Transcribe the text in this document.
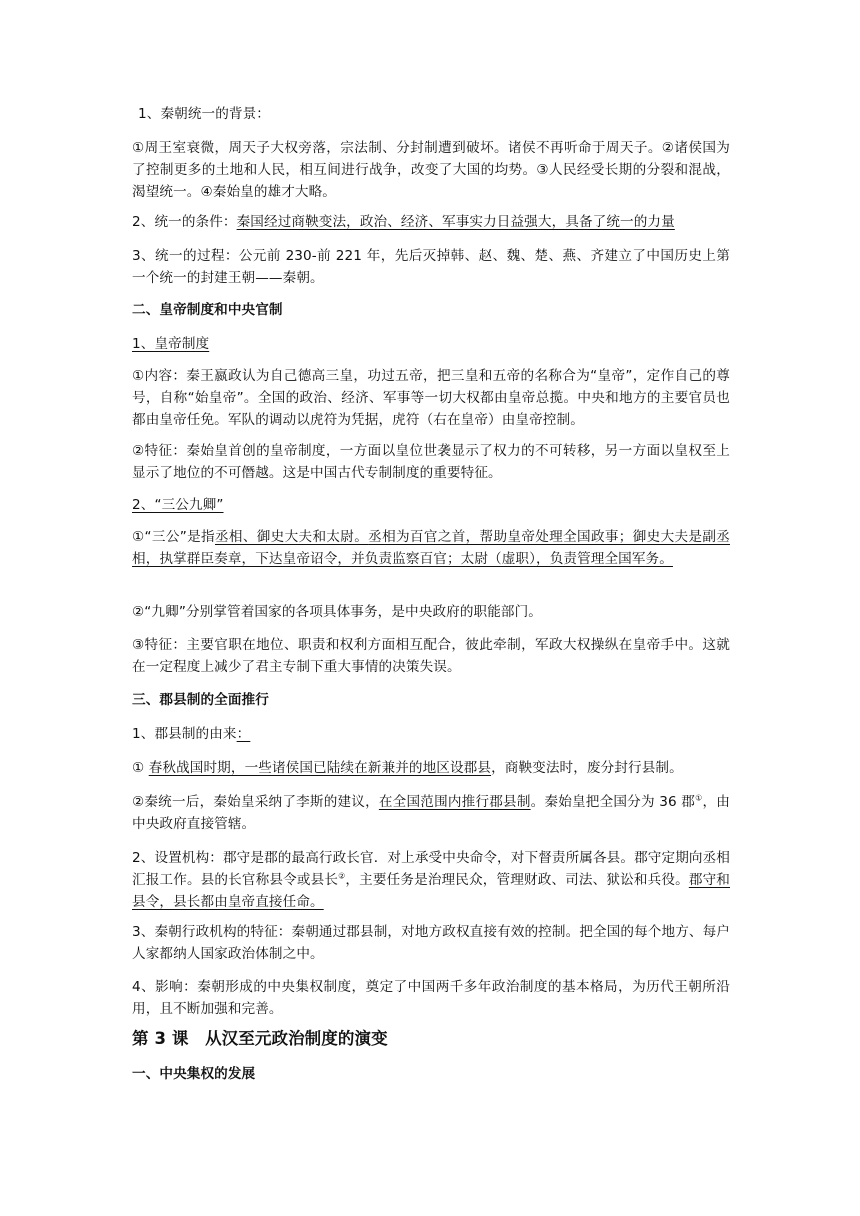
1、秦朝统一的背景：

①周王室衰微，周天子大权旁落，宗法制、分封制遭到破坏。诸侯不再听命于周天子。②诸侯国为了控制更多的土地和人民，相互间进行战争，改变了大国的均势。③人民经受长期的分裂和混战，渴望统一。④秦始皇的雄才大略。

2、统一的条件：秦国经过商鞅变法，政治、经济、军事实力日益强大，具备了统一的力量

3、统一的过程：公元前 230-前 221 年，先后灭掉韩、赵、魏、楚、燕、齐建立了中国历史上第一个统一的封建王朝——秦朝。

二、皇帝制度和中央官制

1、皇帝制度

①内容：秦王嬴政认为自己德高三皇，功过五帝，把三皇和五帝的名称合为“皇帝”，定作自己的尊号，自称“始皇帝”。全国的政治、经济、军事等一切大权都由皇帝总揽。中央和地方的主要官员也都由皇帝任免。军队的调动以虎符为凭据，虎符（右在皇帝）由皇帝控制。

②特征：秦始皇首创的皇帝制度，一方面以皇位世袭显示了权力的不可转移，另一方面以皇权至上显示了地位的不可僭越。这是中国古代专制制度的重要特征。

2、“三公九卿”

①“三公”是指丞相、御史大夫和太尉。丞相为百官之首，帮助皇帝处理全国政事；御史大夫是副丞相，执掌群臣奏章，下达皇帝诏令，并负责监察百官；太尉（虚职），负责管理全国军务。

②“九卿”分别掌管着国家的各项具体事务，是中央政府的职能部门。

③特征：主要官职在地位、职责和权利方面相互配合，彼此牵制，军政大权操纵在皇帝手中。这就在一定程度上减少了君主专制下重大事情的决策失误。

三、郡县制的全面推行

1、郡县制的由来：

① 春秋战国时期，一些诸侯国已陆续在新兼并的地区设郡县，商鞅变法时，废分封行县制。

②秦统一后，秦始皇采纳了李斯的建议，在全国范围内推行郡县制。秦始皇把全国分为 36 郡①，由中央政府直接管辖。

2、设置机构：郡守是郡的最高行政长官．对上承受中央命令，对下督责所属各县。郡守定期向丞相汇报工作。县的长官称县令或县长②，主要任务是治理民众，管理财政、司法、狱讼和兵役。郡守和县令，县长都由皇帝直接任命。

3、秦朝行政机构的特征：秦朝通过郡县制，对地方政权直接有效的控制。把全国的每个地方、每户人家都纳人国家政治体制之中。

4、影响：秦朝形成的中央集权制度，奠定了中国两千多年政治制度的基本格局，为历代王朝所沿用，且不断加强和完善。

第 3 课　从汉至元政治制度的演变

一、中央集权的发展
